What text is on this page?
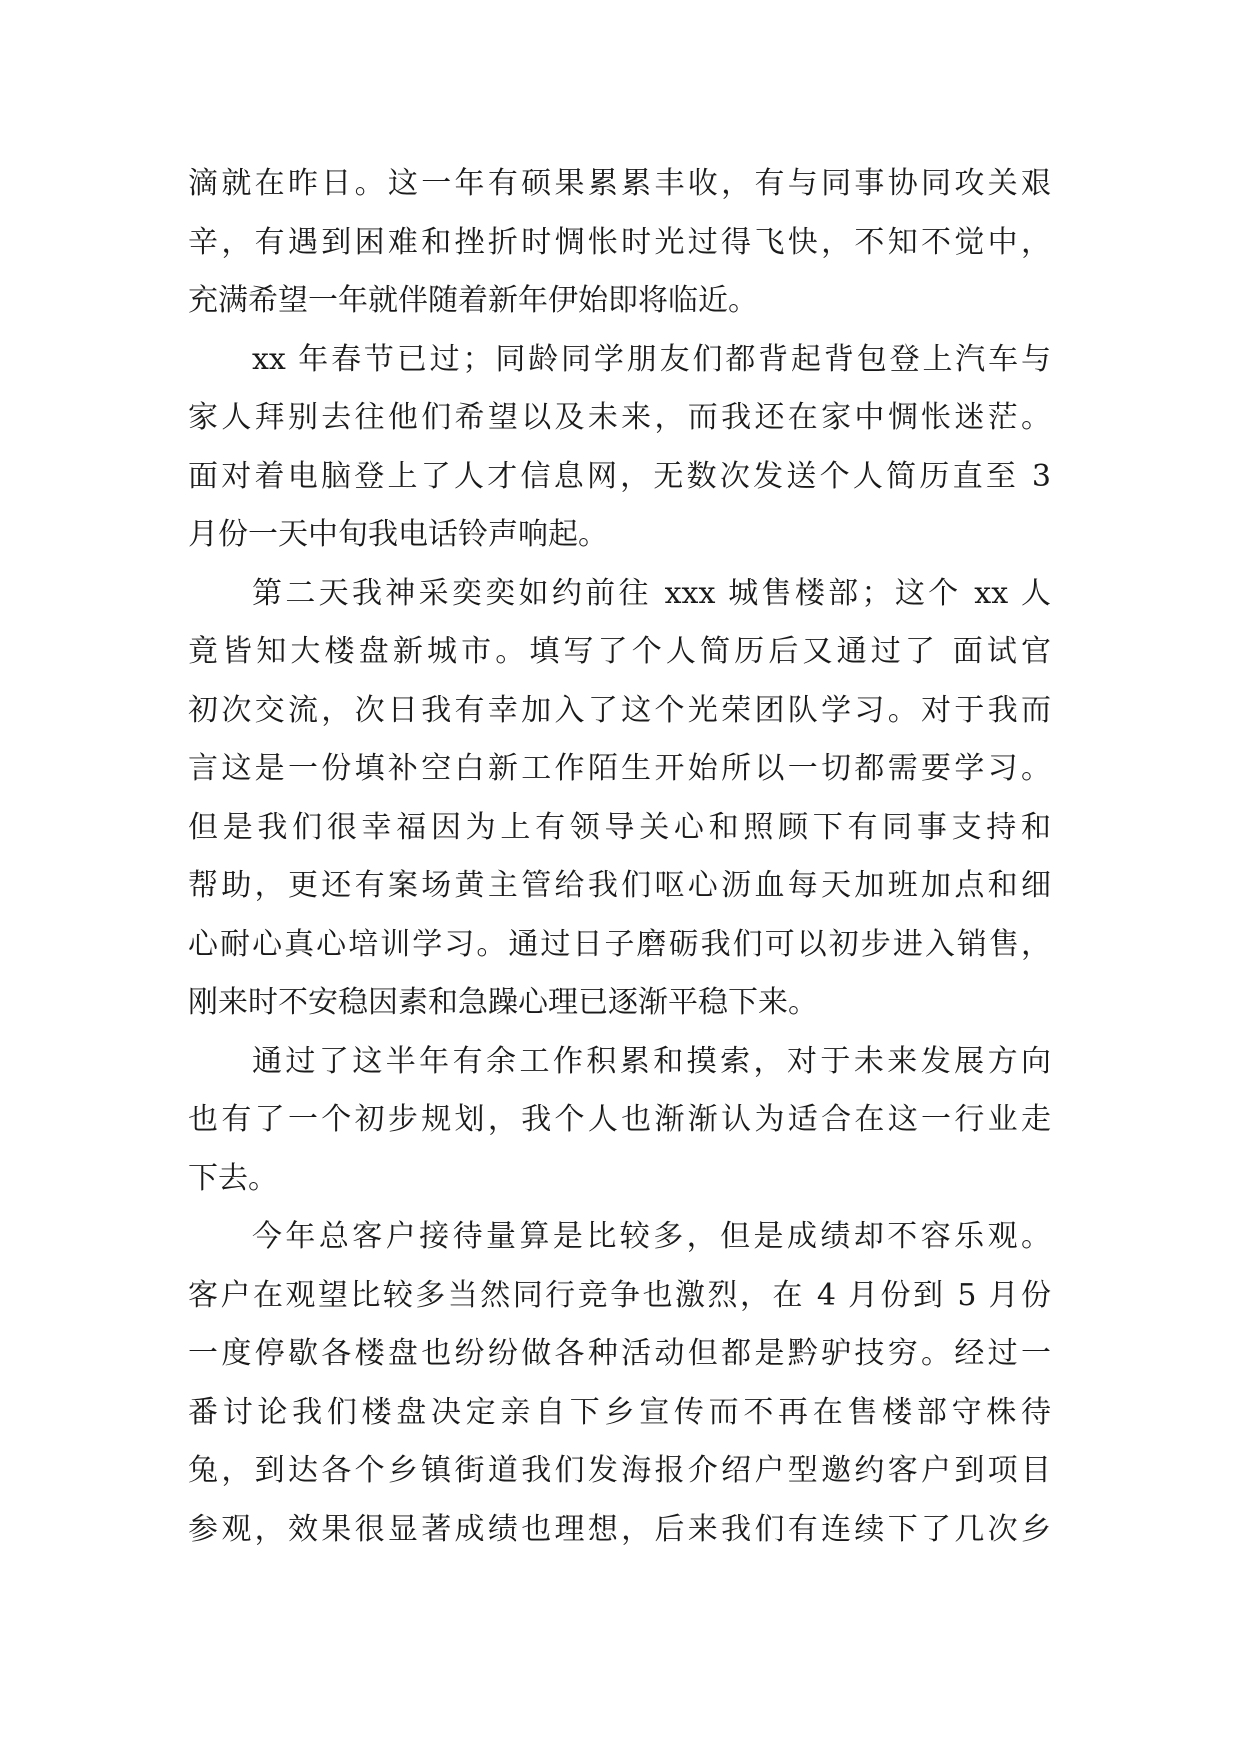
滴就在昨日。这一年有硕果累累丰收，有与同事协同攻关艰
辛，有遇到困难和挫折时惆怅时光过得飞快，不知不觉中，
充满希望一年就伴随着新年伊始即将临近。
xx 年春节已过；同龄同学朋友们都背起背包登上汽车与
家人拜别去往他们希望以及未来，而我还在家中惆怅迷茫。
面对着电脑登上了人才信息网，无数次发送个人简历直至 3
月份一天中旬我电话铃声响起。
第二天我神采奕奕如约前往 xxx 城售楼部；这个 xx 人
竟皆知大楼盘新城市。填写了个人简历后又通过了 面试官
初次交流，次日我有幸加入了这个光荣团队学习。对于我而
言这是一份填补空白新工作陌生开始所以一切都需要学习。
但是我们很幸福因为上有领导关心和照顾下有同事支持和
帮助，更还有案场黄主管给我们呕心沥血每天加班加点和细
心耐心真心培训学习。通过日子磨砺我们可以初步进入销售，
刚来时不安稳因素和急躁心理已逐渐平稳下来。
通过了这半年有余工作积累和摸索，对于未来发展方向
也有了一个初步规划，我个人也渐渐认为适合在这一行业走
下去。
今年总客户接待量算是比较多，但是成绩却不容乐观。
客户在观望比较多当然同行竞争也激烈，在 4 月份到 5 月份
一度停歇各楼盘也纷纷做各种活动但都是黔驴技穷。经过一
番讨论我们楼盘决定亲自下乡宣传而不再在售楼部守株待
兔，到达各个乡镇街道我们发海报介绍户型邀约客户到项目
参观，效果很显著成绩也理想，后来我们有连续下了几次乡
